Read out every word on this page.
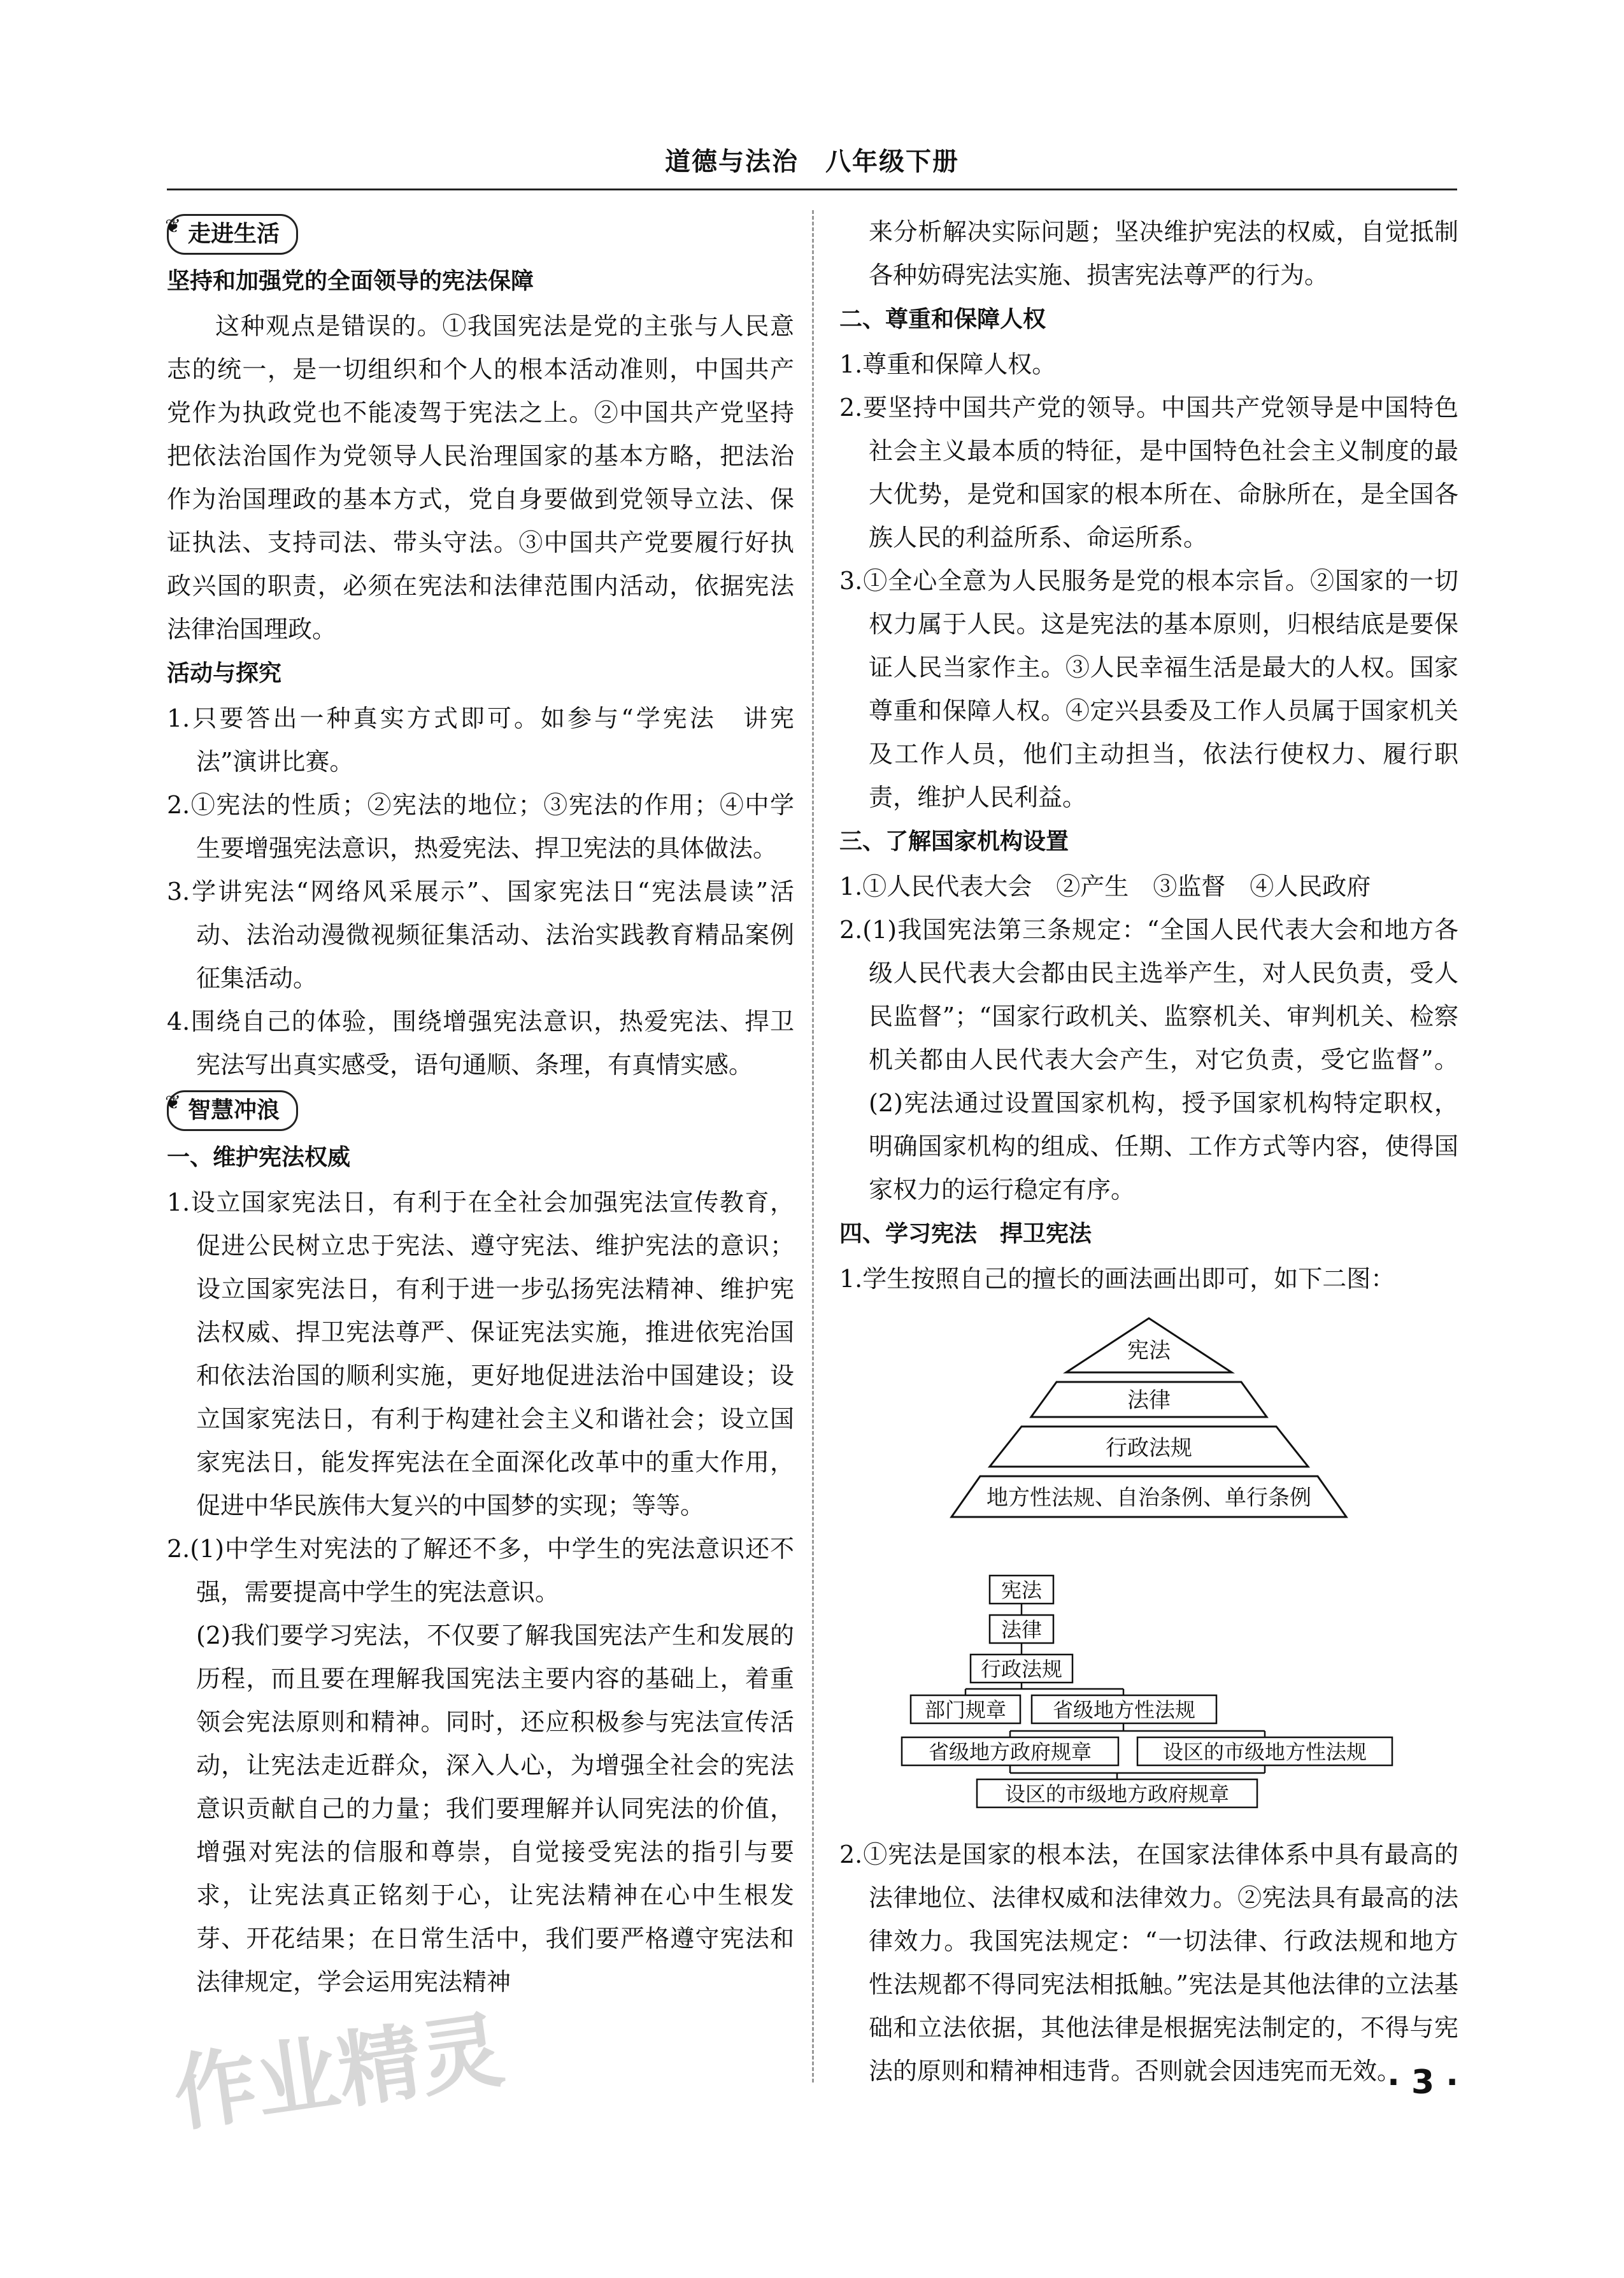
道德与法治　八年级下册
❦ 走进生活

坚持和加强党的全面领导的宪法保障

这种观点是错误的。①我国宪法是党的主张与人民意志的统一，是一切组织和个人的根本活动准则，中国共产党作为执政党也不能凌驾于宪法之上。②中国共产党坚持把依法治国作为党领导人民治理国家的基本方略，把法治作为治国理政的基本方式，党自身要做到党领导立法、保证执法、支持司法、带头守法。③中国共产党要履行好执政兴国的职责，必须在宪法和法律范围内活动，依据宪法法律治国理政。

活动与探究

1.只要答出一种真实方式即可。如参与“学宪法　讲宪法”演讲比赛。

2.①宪法的性质；②宪法的地位；③宪法的作用；④中学生要增强宪法意识，热爱宪法、捍卫宪法的具体做法。

3.学讲宪法“网络风采展示”、国家宪法日“宪法晨读”活动、法治动漫微视频征集活动、法治实践教育精品案例征集活动。

4.围绕自己的体验，围绕增强宪法意识，热爱宪法、捍卫宪法写出真实感受，语句通顺、条理，有真情实感。

❦ 智慧冲浪

一、维护宪法权威

1.设立国家宪法日，有利于在全社会加强宪法宣传教育，促进公民树立忠于宪法、遵守宪法、维护宪法的意识；设立国家宪法日，有利于进一步弘扬宪法精神、维护宪法权威、捍卫宪法尊严、保证宪法实施，推进依宪治国和依法治国的顺利实施，更好地促进法治中国建设；设立国家宪法日，有利于构建社会主义和谐社会；设立国家宪法日，能发挥宪法在全面深化改革中的重大作用，促进中华民族伟大复兴的中国梦的实现；等等。

2.(1)中学生对宪法的了解还不多，中学生的宪法意识还不强，需要提高中学生的宪法意识。

(2)我们要学习宪法，不仅要了解我国宪法产生和发展的历程，而且要在理解我国宪法主要内容的基础上，着重领会宪法原则和精神。同时，还应积极参与宪法宣传活动，让宪法走近群众，深入人心，为增强全社会的宪法意识贡献自己的力量；我们要理解并认同宪法的价值，增强对宪法的信服和尊崇，自觉接受宪法的指引与要求，让宪法真正铭刻于心，让宪法精神在心中生根发芽、开花结果；在日常生活中，我们要严格遵守宪法和法律规定，学会运用宪法精神

来分析解决实际问题；坚决维护宪法的权威，自觉抵制各种妨碍宪法实施、损害宪法尊严的行为。

二、尊重和保障人权

1.尊重和保障人权。

2.要坚持中国共产党的领导。中国共产党领导是中国特色社会主义最本质的特征，是中国特色社会主义制度的最大优势，是党和国家的根本所在、命脉所在，是全国各族人民的利益所系、命运所系。

3.①全心全意为人民服务是党的根本宗旨。②国家的一切权力属于人民。这是宪法的基本原则，归根结底是要保证人民当家作主。③人民幸福生活是最大的人权。国家尊重和保障人权。④定兴县委及工作人员属于国家机关及工作人员，他们主动担当，依法行使权力、履行职责，维护人民利益。

三、了解国家机构设置

1.①人民代表大会　②产生　③监督　④人民政府

2.(1)我国宪法第三条规定：“全国人民代表大会和地方各级人民代表大会都由民主选举产生，对人民负责，受人民监督”；“国家行政机关、监察机关、审判机关、检察机关都由人民代表大会产生，对它负责，受它监督”。(2)宪法通过设置国家机构，授予国家机构特定职权，明确国家机构的组成、任期、工作方式等内容，使得国家权力的运行稳定有序。

四、学习宪法　捍卫宪法

1.学生按照自己的擅长的画法画出即可，如下二图：

宪法
法律
行政法规
地方性法规、自治条例、单行条例
宪法
法律
行政法规
部门规章 省级地方性法规
省级地方政府规章	设区的市级地方性法规
设区的市级地方政府规章

2.①宪法是国家的根本法，在国家法律体系中具有最高的法律地位、法律权威和法律效力。②宪法具有最高的法律效力。我国宪法规定：“一切法律、行政法规和地方性法规都不得同宪法相抵触。”宪法是其他法律的立法基础和立法依据，其他法律是根据宪法制定的，不得与宪法的原则和精神相违背。否则就会因违宪而无效。

· 3 ·
作业精灵
